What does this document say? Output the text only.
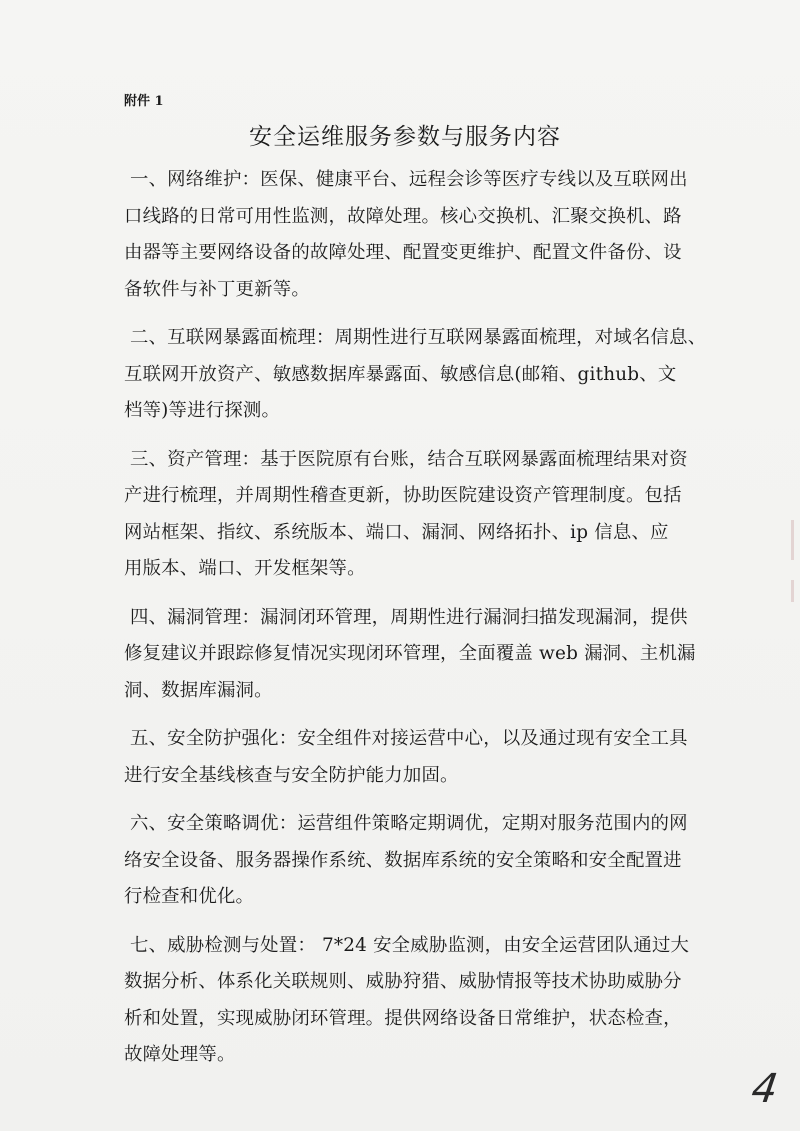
附件 1
安全运维服务参数与服务内容
一、网络维护：医保、健康平台、远程会诊等医疗专线以及互联网出
口线路的日常可用性监测，故障处理。核心交换机、汇聚交换机、路
由器等主要网络设备的故障处理、配置变更维护、配置文件备份、设
备软件与补丁更新等。
二、互联网暴露面梳理：周期性进行互联网暴露面梳理，对域名信息、
互联网开放资产、敏感数据库暴露面、敏感信息(邮箱、github、文
档等)等进行探测。
三、资产管理：基于医院原有台账，结合互联网暴露面梳理结果对资
产进行梳理，并周期性稽查更新，协助医院建设资产管理制度。包括
网站框架、指纹、系统版本、端口、漏洞、网络拓扑、ip 信息、应
用版本、端口、开发框架等。
四、漏洞管理：漏洞闭环管理，周期性进行漏洞扫描发现漏洞，提供
修复建议并跟踪修复情况实现闭环管理，全面覆盖 web 漏洞、主机漏
洞、数据库漏洞。
五、安全防护强化：安全组件对接运营中心，以及通过现有安全工具
进行安全基线核查与安全防护能力加固。
六、安全策略调优：运营组件策略定期调优，定期对服务范围内的网
络安全设备、服务器操作系统、数据库系统的安全策略和安全配置进
行检查和优化。
七、威胁检测与处置： 7*24 安全威胁监测，由安全运营团队通过大
数据分析、体系化关联规则、威胁狩猎、威胁情报等技术协助威胁分
析和处置，实现威胁闭环管理。提供网络设备日常维护，状态检查，
故障处理等。
4
